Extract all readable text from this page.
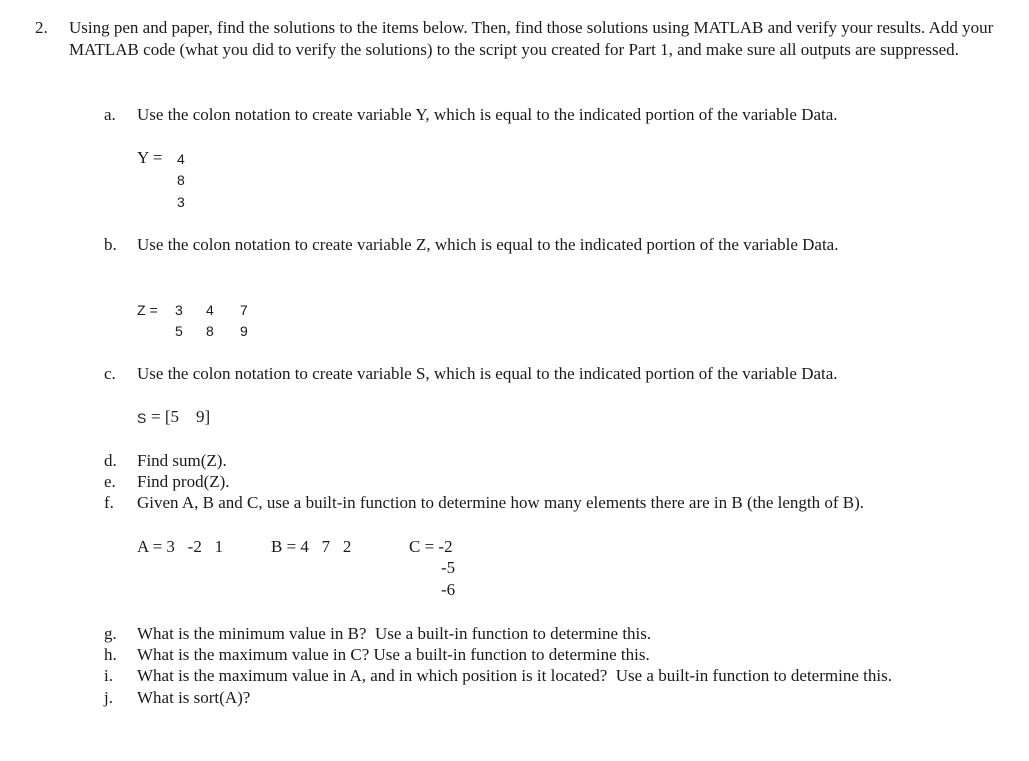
2. Using pen and paper, find the solutions to the items below. Then, find those solutions using MATLAB and verify your results. Add your MATLAB code (what you did to verify the solutions) to the script you created for Part 1, and make sure all outputs are suppressed.
a. Use the colon notation to create variable Y, which is equal to the indicated portion of the variable Data.
Y = 4
8
3
b. Use the colon notation to create variable Z, which is equal to the indicated portion of the variable Data.
Z = 3 4 7
5 8 9
c. Use the colon notation to create variable S, which is equal to the indicated portion of the variable Data.
S = [5    9]
d. Find sum(Z).
e. Find prod(Z).
f. Given A, B and C, use a built-in function to determine how many elements there are in B (the length of B).
A = 3   -2   1	B = 4   7   2	C = -2
-5
-6
g. What is the minimum value in B?  Use a built-in function to determine this.
h. What is the maximum value in C? Use a built-in function to determine this.
i. What is the maximum value in A, and in which position is it located?  Use a built-in function to determine this.
j. What is sort(A)?
